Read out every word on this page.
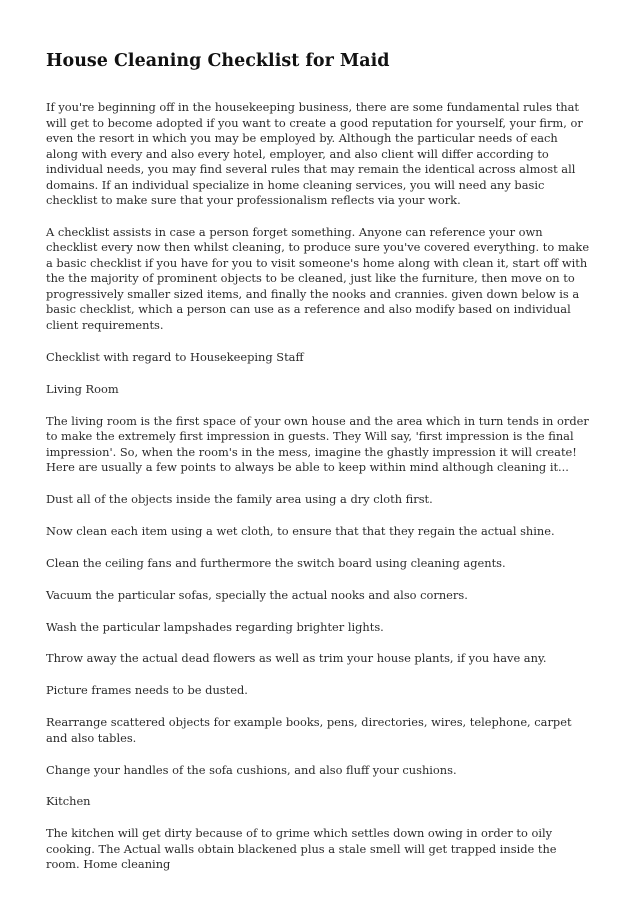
House Cleaning Checklist for Maid

If you're beginning off in the housekeeping business, there are some fundamental rules that will get to become adopted if you want to create a good reputation for yourself, your firm, or even the resort in which you may be employed by. Although the particular needs of each along with every and also every hotel, employer, and also client will differ according to individual needs, you may find several rules that may remain the identical across almost all domains. If an individual specialize in home cleaning services, you will need any basic checklist to make sure that your professionalism reflects via your work.

A checklist assists in case a person forget something. Anyone can reference your own checklist every now then whilst cleaning, to produce sure you've covered everything. to make a basic checklist if you have for you to visit someone's home along with clean it, start off with the the majority of prominent objects to be cleaned, just like the furniture, then move on to progressively smaller sized items, and finally the nooks and crannies. given down below is a basic checklist, which a person can use as a reference and also modify based on individual client requirements.

Checklist with regard to Housekeeping Staff

Living Room

The living room is the first space of your own house and the area which in turn tends in order to make the extremely first impression in guests. They Will say, 'first impression is the final impression'. So, when the room's in the mess, imagine the ghastly impression it will create! Here are usually a few points to always be able to keep within mind although cleaning it...

Dust all of the objects inside the family area using a dry cloth first.

Now clean each item using a wet cloth, to ensure that that they regain the actual shine.

Clean the ceiling fans and furthermore the switch board using cleaning agents.

Vacuum the particular sofas, specially the actual nooks and also corners.

Wash the particular lampshades regarding brighter lights.

Throw away the actual dead flowers as well as trim your house plants, if you have any.

Picture frames needs to be dusted.

Rearrange scattered objects for example books, pens, directories, wires, telephone, carpet and also tables.

Change your handles of the sofa cushions, and also fluff your cushions.

Kitchen

The kitchen will get dirty because of to grime which settles down owing in order to oily cooking. The Actual walls obtain blackened plus a stale smell will get trapped inside the room. Home cleaning
